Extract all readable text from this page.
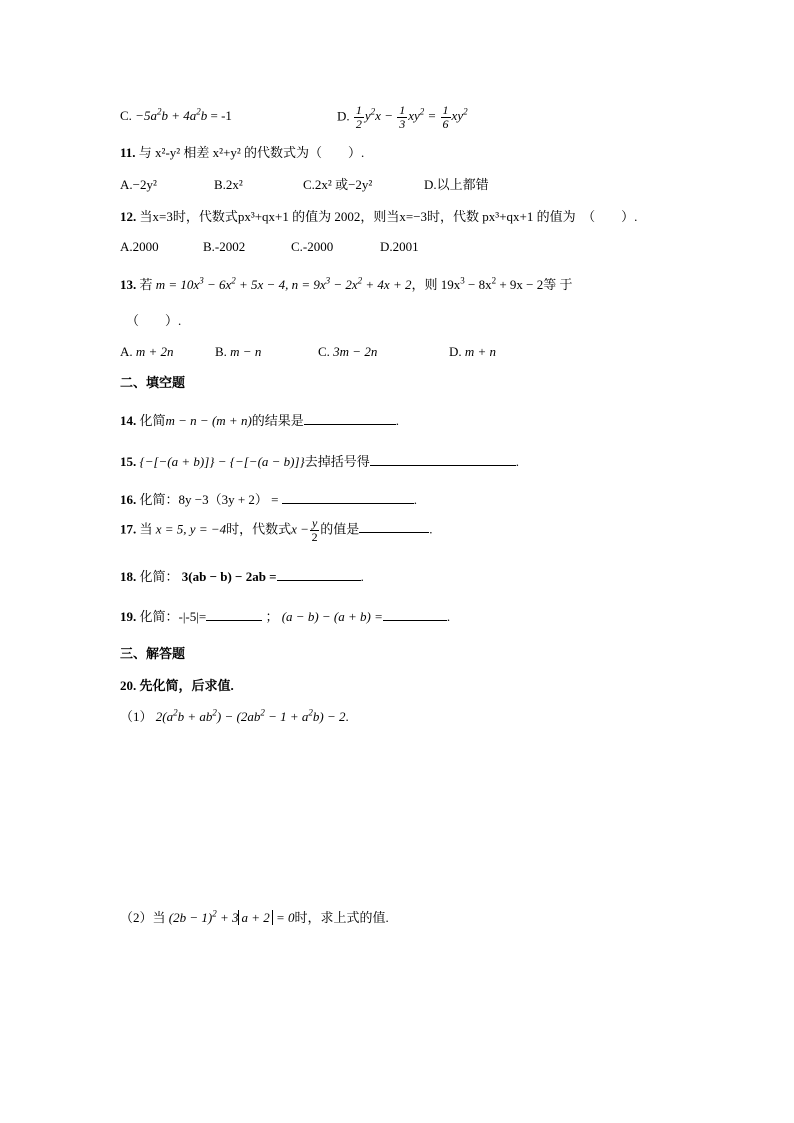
C. $-5a^2b + 4a^2b = -1$	D. $\frac{1}{2} y^2x - \frac{1}{3} xy^2 = \frac{1}{6} xy^2$
11. 与 x²-y² 相差 x²+y² 的代数式为（　　）.
A.−2y²	B.2x²	C.2x² 或−2y²	D.以上都错
12. 当x=3时，代数式px³+qx+1 的值为 2002，则当x=−3时，代数 px³+qx+1 的值为　（　　）.
A.2000	B.-2002	C.-2000	D.2001
13. 若 $m = 10x^3 - 6x^2 + 5x - 4$, $n = 9x^3 - 2x^2 + 4x + 2$，则 $19x^3 - 8x^2 + 9x - 2$等 于
（　　）.
A. m + 2n	B. m − n	C. 3m − 2n	D. m + n
二、填空题
14. 化简m − n − (m + n)的结果是	.
15. {−[−(a + b)]} − {−[−(a − b)]}去掉括号得	.
16. 化简：8y −3（3y + 2） =	.
17. 当 x = 5, y = −4时，代数式$x - \frac{y}{2}$ 的值是	.
18. 化简： 3(ab − b) − 2ab =	.
19. 化简：-|-5|=	； (a − b) − (a + b) =	.
三、解答题
20. 先化简，后求值.
（1） $2(a^2b + ab^2) - (2ab^2 - 1 + a^2b) - 2$.
（2）当 $(2b - 1)^2 + 3$ a + 2 = 0时，求上式的值.
